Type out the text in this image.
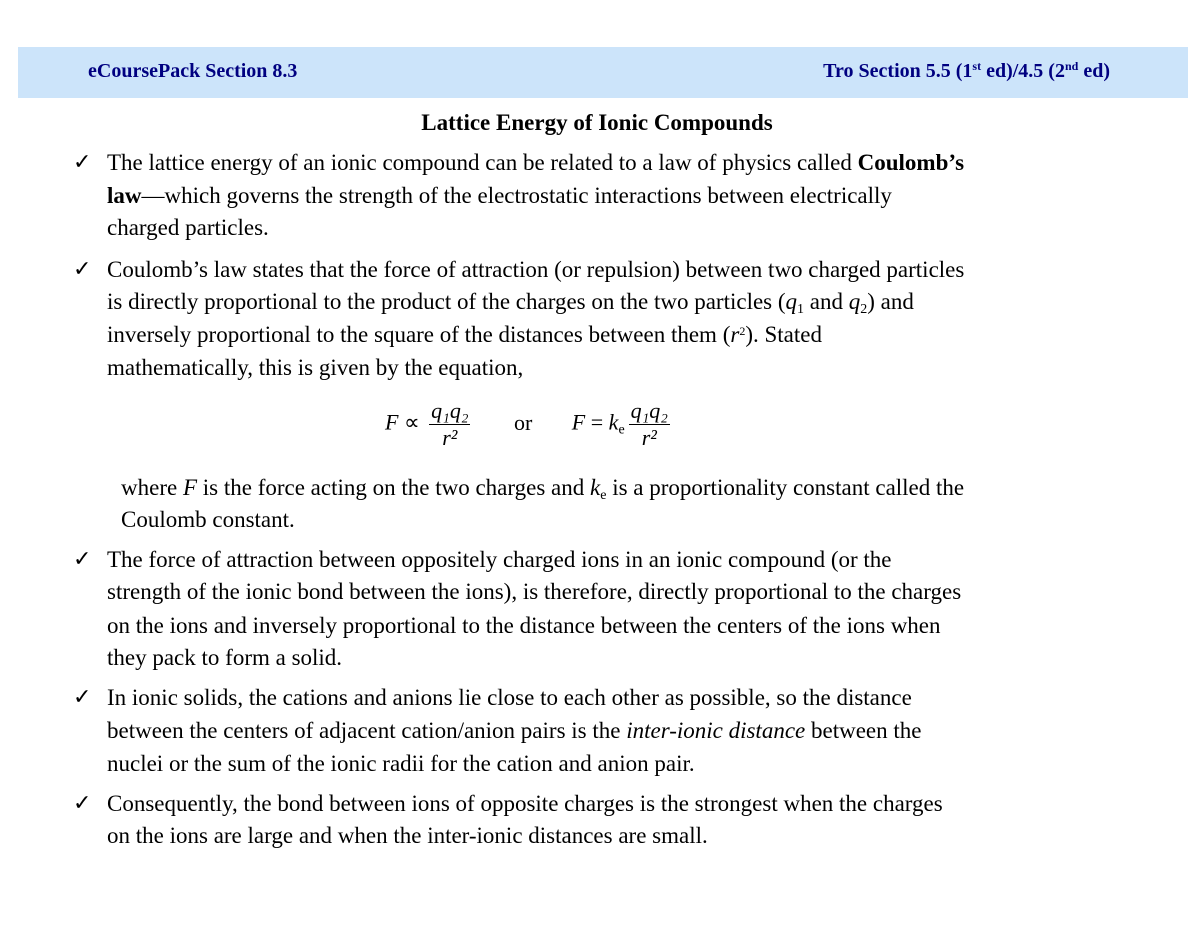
eCoursePack Section 8.3	Tro Section 5.5 (1st ed)/4.5 (2nd ed)
Lattice Energy of Ionic Compounds
✓ The lattice energy of an ionic compound can be related to a law of physics called Coulomb’s
law—which governs the strength of the electrostatic interactions between electrically
charged particles.
✓ Coulomb’s law states that the force of attraction (or repulsion) between two charged particles
is directly proportional to the product of the charges on the two particles ($q_1$ and $q_2$) and
inversely proportional to the square of the distances between them $(r^2)$. Stated
mathematically, this is given by the equation,
$F \propto \frac{\text{q₁q₂}}{\text{r²}}$ or $F = k_e \frac{\text{q₁q₂}}{\text{r²}}$
where F is the force acting on the two charges and $k_e$ is a proportionality constant called the
Coulomb constant.
✓ The force of attraction between oppositely charged ions in an ionic compound (or the
strength of the ionic bond between the ions), is therefore, directly proportional to the charges
on the ions and inversely proportional to the distance between the centers of the ions when
they pack to form a solid.
✓ In ionic solids, the cations and anions lie close to each other as possible, so the distance
between the centers of adjacent cation/anion pairs is the inter-ionic distance between the
nuclei or the sum of the ionic radii for the cation and anion pair.
✓ Consequently, the bond between ions of opposite charges is the strongest when the charges
on the ions are large and when the inter-ionic distances are small.
